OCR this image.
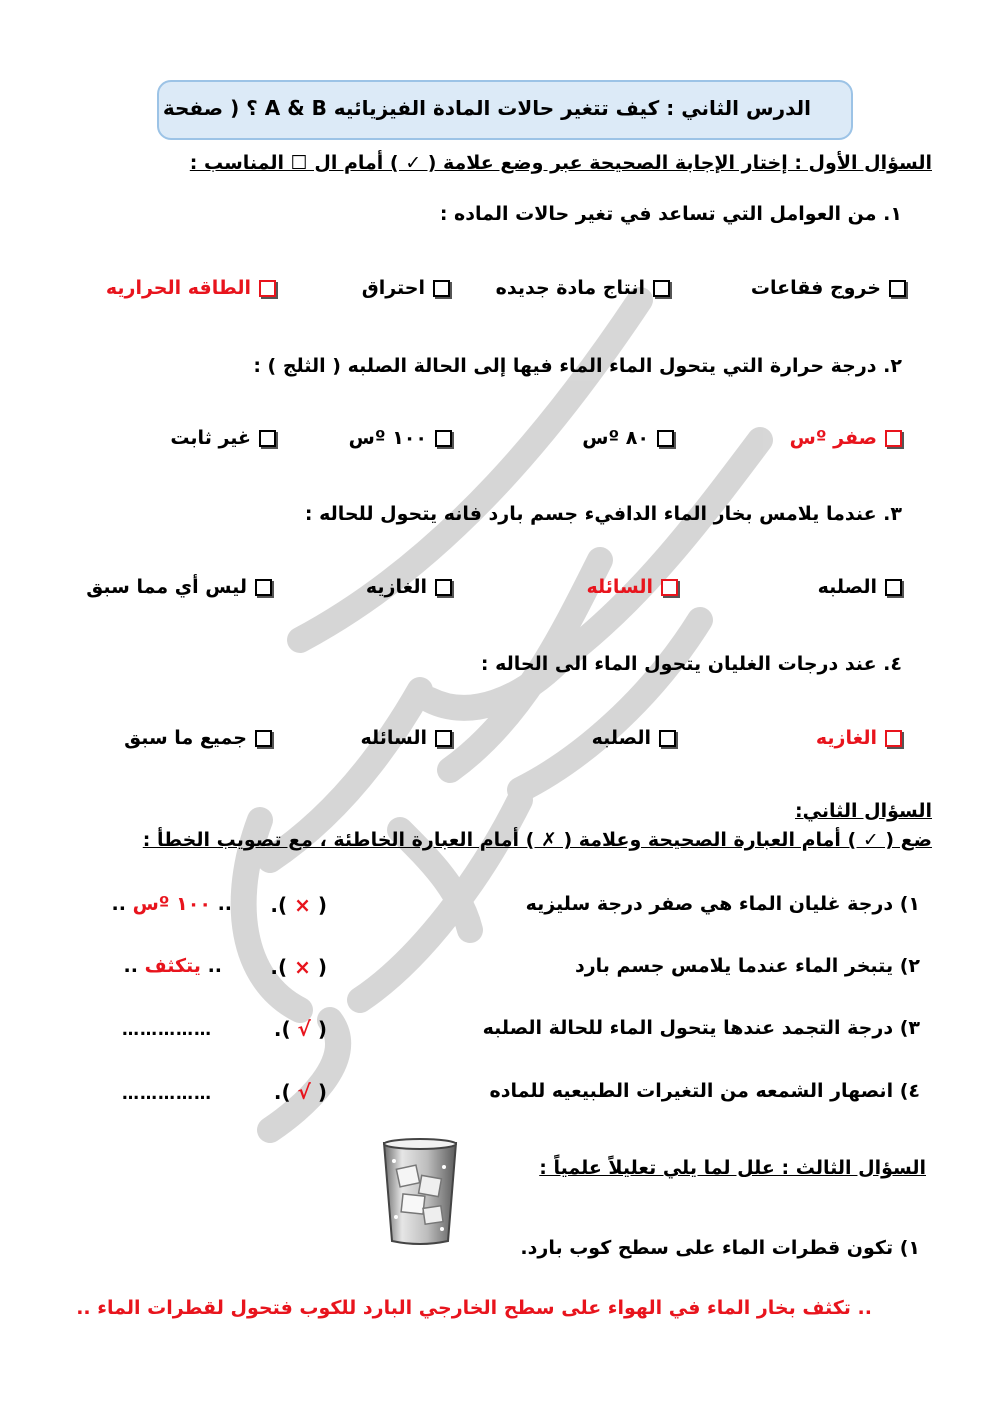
الدرس الثاني : كيف تتغير حالات المادة الفيزيائيه A & B ؟ ( صفحة
السؤال الأول : إختار الإجابة الصحيحة عبر وضع علامة ( ✓ ) أمام ال ☐ المناسب :
١. من العوامل التي تساعد في تغير حالات الماده :
خروج فقاعات
انتاج مادة جديده
احتراق
الطاقه الحراريه
٢. درجة حرارة التي يتحول الماء الماء فيها إلى الحالة الصلبه ( الثلج ) :
صفر ºس
٨٠ ºس
١٠٠ ºس
غير ثابت
٣. عندما يلامس بخار الماء الدافيء جسم بارد فانه يتحول للحاله :
الصلبه
السائله
الغازيه
ليس أي مما سبق
٤. عند درجات الغليان يتحول الماء الى الحاله :
الغازيه
الصلبه
السائله
جميع ما سبق
السؤال الثاني:
ضع ( ✓ ) أمام العبارة الصحيحة وعلامة ( ✗ ) أمام العبارة الخاطئة ، مع تصويب الخطأ :
١) درجة غليان الماء هي صفر درجة سليزيه
( × ).
.. ١٠٠ ºس ..
٢) يتبخر الماء عندما يلامس جسم بارد
( × ).
.. يتكثف ..
٣) درجة التجمد عندها يتحول الماء للحالة الصلبه
( √ ).
……………
٤) انصهار الشمعه من التغيرات الطبيعيه للماده
( √ ).
……………
السؤال الثالث : علل لما يلي تعليلاً علمياً :
١) تكون قطرات الماء على سطح كوب بارد.
.. تكثف بخار الماء في الهواء على سطح الخارجي البارد للكوب فتحول لقطرات الماء ..
